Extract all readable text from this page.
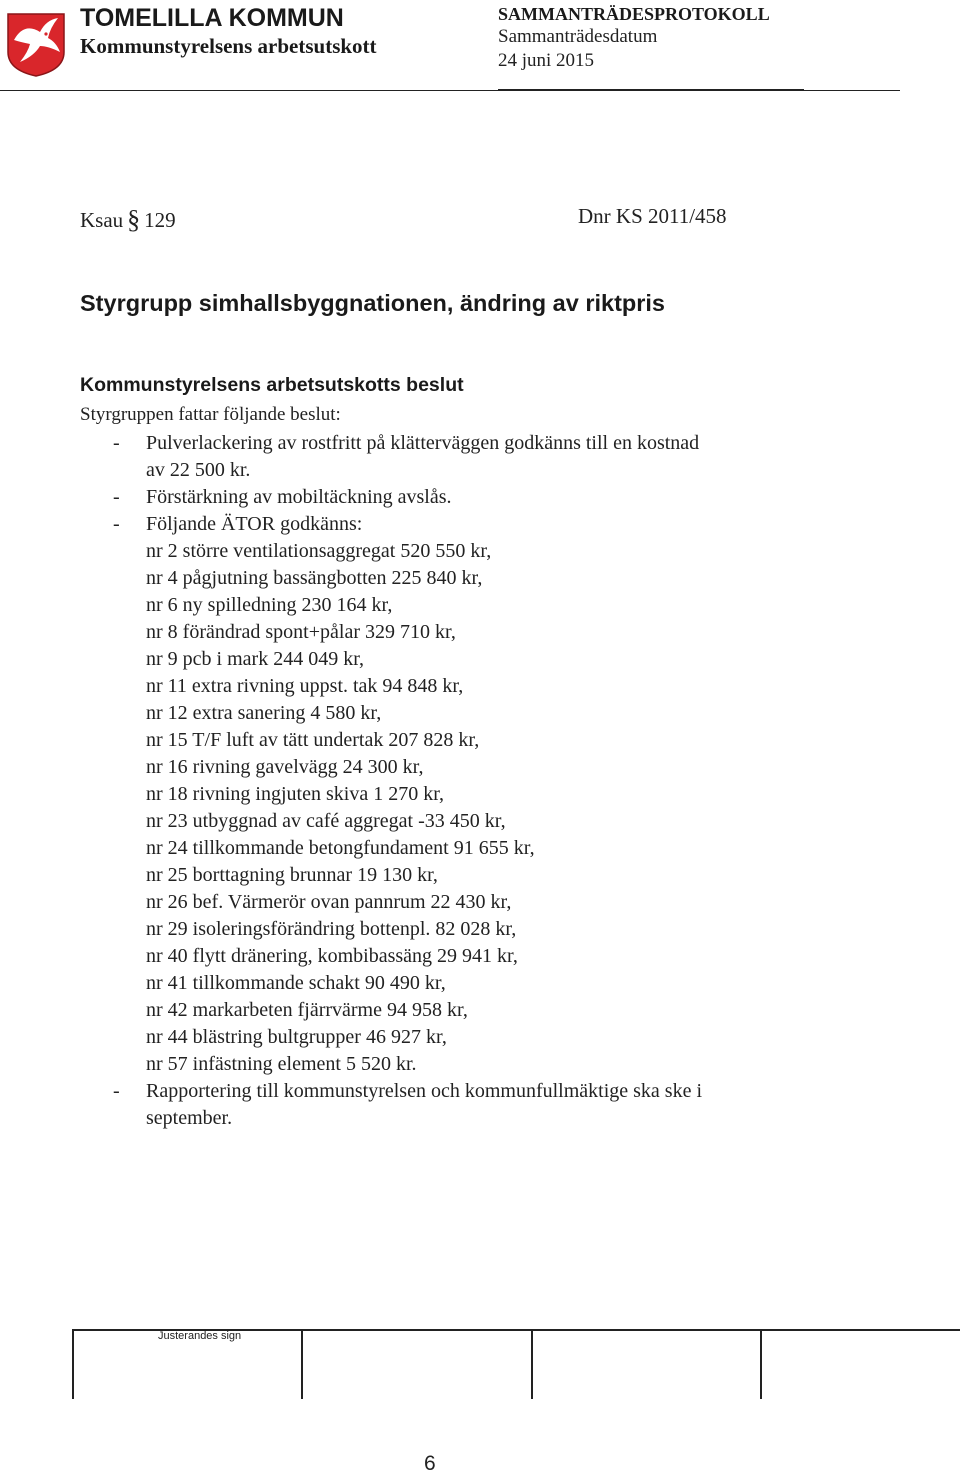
TOMELILLA KOMMUN
Kommunstyrelsens arbetsutskott
SAMMANTRÄDESPROTOKOLL
Sammanträdesdatum
24 juni 2015
Ksau § 129	Dnr KS 2011/458
Styrgrupp simhallsbyggnationen, ändring av riktpris
Kommunstyrelsens arbetsutskotts beslut
Styrgruppen fattar följande beslut:
- Pulverlackering av rostfritt på klätterväggen godkänns till en kostnad
av 22 500 kr.
- Förstärkning av mobiltäckning avslås.
- Följande ÄTOR godkänns:
nr 2 större ventilationsaggregat 520 550 kr,
nr 4 pågjutning bassängbotten 225 840 kr,
nr 6 ny spilledning 230 164 kr,
nr 8 förändrad spont+pålar 329 710 kr,
nr 9 pcb i mark 244 049 kr,
nr 11 extra rivning uppst. tak 94 848 kr,
nr 12 extra sanering 4 580 kr,
nr 15 T/F luft av tätt undertak 207 828 kr,
nr 16 rivning gavelvägg 24 300 kr,
nr 18 rivning ingjuten skiva 1 270 kr,
nr 23 utbyggnad av café aggregat -33 450 kr,
nr 24 tillkommande betongfundament 91 655 kr,
nr 25 borttagning brunnar 19 130 kr,
nr 26 bef. Värmerör ovan pannrum 22 430 kr,
nr 29 isoleringsförändring bottenpl. 82 028 kr,
nr 40 flytt dränering, kombibassäng 29 941 kr,
nr 41 tillkommande schakt 90 490 kr,
nr 42 markarbeten fjärrvärme 94 958 kr,
nr 44 blästring bultgrupper 46 927 kr,
nr 57 infästning element 5 520 kr.
- Rapportering till kommunstyrelsen och kommunfullmäktige ska ske i
september.
Justerandes sign
6
